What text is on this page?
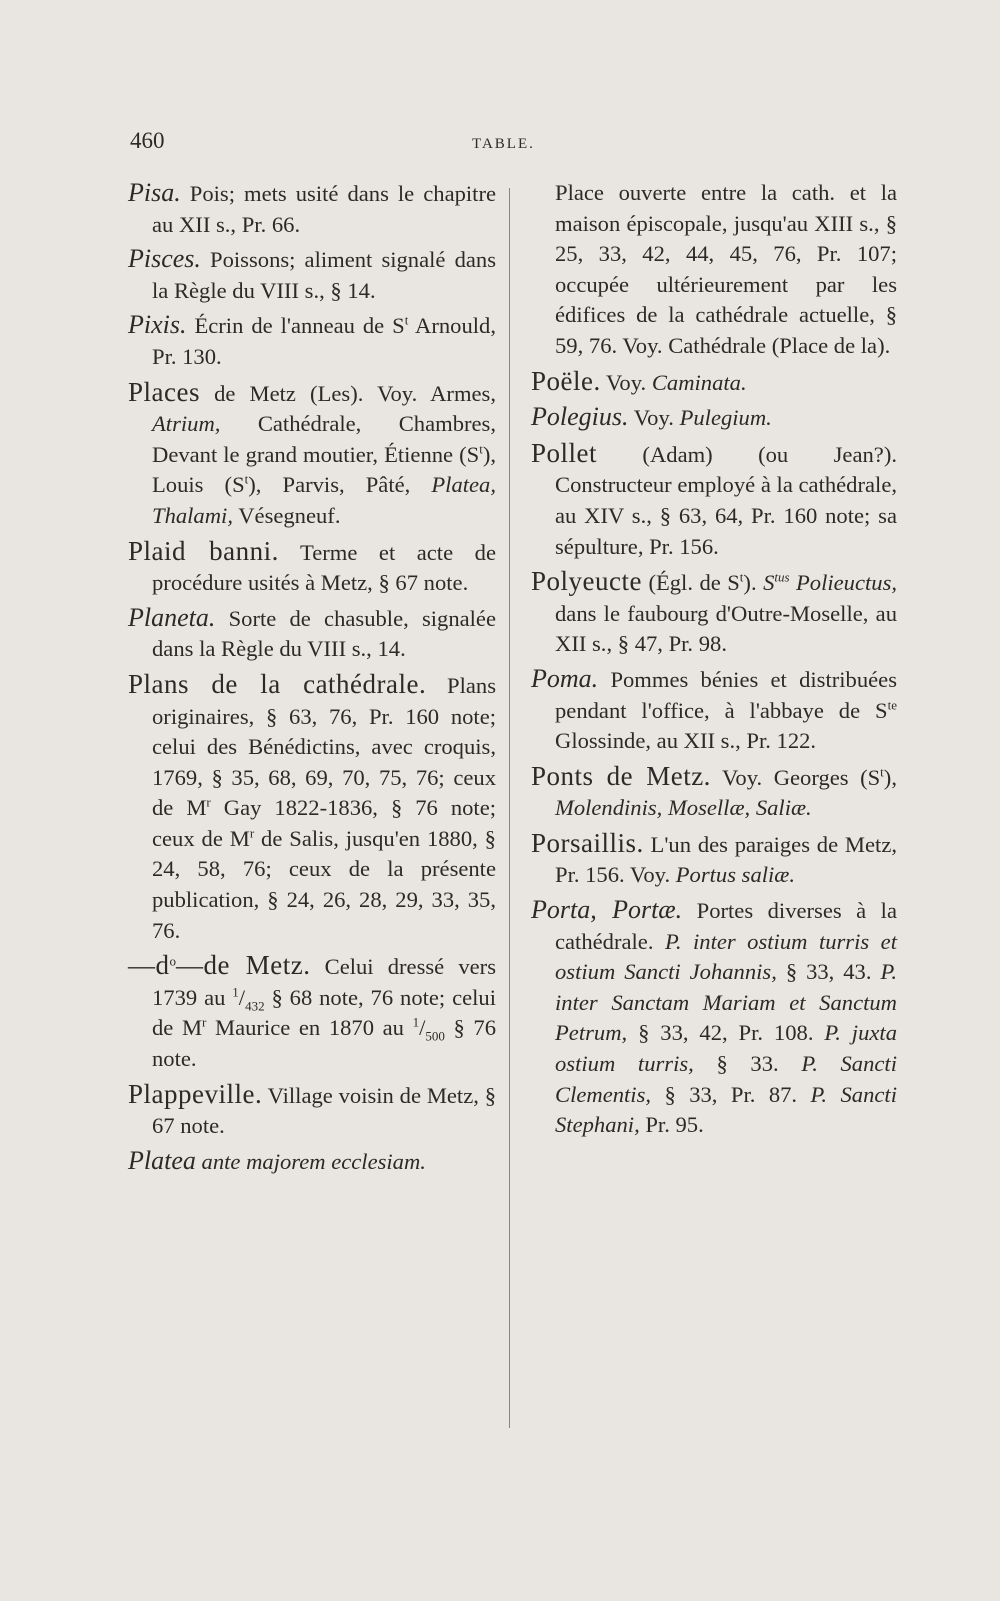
460	TABLE.

Pisa. Pois; mets usité dans le chapitre au XII s., Pr. 66.

Pisces. Poissons; aliment signalé dans la Règle du VIII s., § 14.

Pixis. Écrin de l'anneau de $S^t$ Arnould, Pr. 130.

Places de Metz (Les). Voy. Armes, Atrium, Cathédrale, Chambres, Devant le grand moutier, Étienne $(S^t)$, Louis $(S^t)$, Parvis, Pâté, Platea, Thalami, Vésegneuf.

Plaid banni. Terme et acte de procédure usités à Metz, § 67 note.

Planeta. Sorte de chasuble, signalée dans la Règle du VIII s., 14.

Plans de la cathédrale. Plans originaires, § 63, 76, Pr. 160 note; celui des Bénédictins, avec croquis, 1769, § 35, 68, 69, 70, 75, 76; ceux de $M^r$ Gay 1822-1836, § 76 note; ceux de $M^r$ de Salis, jusqu'en 1880, § 24, 58, 76; ceux de la présente publication, § 24, 26, 28, 29, 33, 35, 76.

$—d^o—de$ Metz. Celui dressé vers 1739 au $^1/_{432}$ § 68 note, 76 note; celui de $M^r$ Maurice en 1870 au $^1/_{500}$ § 76 note.

Plappeville. Village voisin de Metz, § 67 note.

Platea ante majorem ecclesiam.

Place ouverte entre la cath. et la maison épiscopale, jusqu'au XIII s., § 25, 33, 42, 44, 45, 76, Pr. 107; occupée ultérieurement par les édifices de la cathédrale actuelle, § 59, 76. Voy. Cathédrale (Place de la).

Poële. Voy. Caminata.

Polegius. Voy. Pulegium.

Pollet (Adam) (ou Jean?). Constructeur employé à la cathédrale, au XIV s., § 63, 64, Pr. 160 note; sa sépulture, Pr. 156.

Polyeucte (Égl. de $S^t$). $S^{tus}$ Polieuctus, dans le faubourg d'Outre-Moselle, au XII s., § 47, Pr. 98.

Poma. Pommes bénies et distribuées pendant l'office, à l'abbaye de $S^{te}$ Glossinde, au XII s., Pr. 122.

Ponts de Metz. Voy. Georges $(S^t)$, Molendinis, Mosellæ, Saliæ.

Porsaillis. L'un des paraiges de Metz, Pr. 156. Voy. Portus saliæ.

Porta, Portæ. Portes diverses à la cathédrale. P. inter ostium turris et ostium Sancti Johannis, § 33, 43. P. inter Sanctam Mariam et Sanctum Petrum, § 33, 42, Pr. 108. P. juxta ostium turris, § 33. P. Sancti Clementis, § 33, Pr. 87. P. Sancti Stephani, Pr. 95.
